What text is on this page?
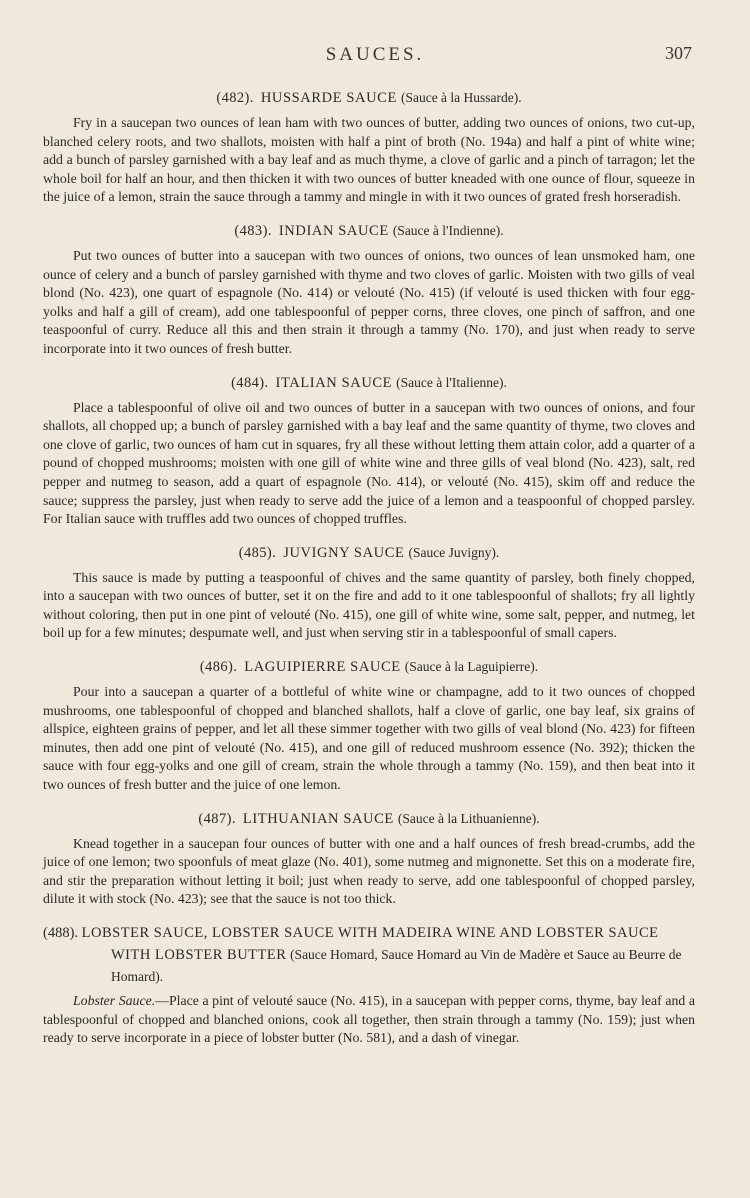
SAUCES.	307

(482). HUSSARDE SAUCE (Sauce à la Hussarde).

Fry in a saucepan two ounces of lean ham with two ounces of butter, adding two ounces of onions, two cut-up, blanched celery roots, and two shallots, moisten with half a pint of broth (No. 194a) and half a pint of white wine; add a bunch of parsley garnished with a bay leaf and as much thyme, a clove of garlic and a pinch of tarragon; let the whole boil for half an hour, and then thicken it with two ounces of butter kneaded with one ounce of flour, squeeze in the juice of a lemon, strain the sauce through a tammy and mingle in with it two ounces of grated fresh horseradish.

(483). INDIAN SAUCE (Sauce à l'Indienne).

Put two ounces of butter into a saucepan with two ounces of onions, two ounces of lean unsmoked ham, one ounce of celery and a bunch of parsley garnished with thyme and two cloves of garlic. Moisten with two gills of veal blond (No. 423), one quart of espagnole (No. 414) or velouté (No. 415) (if velouté is used thicken with four egg-yolks and half a gill of cream), add one tablespoonful of pepper corns, three cloves, one pinch of saffron, and one teaspoonful of curry. Reduce all this and then strain it through a tammy (No. 170), and just when ready to serve incorporate into it two ounces of fresh butter.

(484). ITALIAN SAUCE (Sauce à l'Italienne).

Place a tablespoonful of olive oil and two ounces of butter in a saucepan with two ounces of onions, and four shallots, all chopped up; a bunch of parsley garnished with a bay leaf and the same quantity of thyme, two cloves and one clove of garlic, two ounces of ham cut in squares, fry all these without letting them attain color, add a quarter of a pound of chopped mushrooms; moisten with one gill of white wine and three gills of veal blond (No. 423), salt, red pepper and nutmeg to season, add a quart of espagnole (No. 414), or velouté (No. 415), skim off and reduce the sauce; suppress the parsley, just when ready to serve add the juice of a lemon and a teaspoonful of chopped parsley. For Italian sauce with truffles add two ounces of chopped truffles.

(485). JUVIGNY SAUCE (Sauce Juvigny).

This sauce is made by putting a teaspoonful of chives and the same quantity of parsley, both finely chopped, into a saucepan with two ounces of butter, set it on the fire and add to it one tablespoonful of shallots; fry all lightly without coloring, then put in one pint of velouté (No. 415), one gill of white wine, some salt, pepper, and nutmeg, let boil up for a few minutes; despumate well, and just when serving stir in a tablespoonful of small capers.

(486). LAGUIPIERRE SAUCE (Sauce à la Laguipierre).

Pour into a saucepan a quarter of a bottleful of white wine or champagne, add to it two ounces of chopped mushrooms, one tablespoonful of chopped and blanched shallots, half a clove of garlic, one bay leaf, six grains of allspice, eighteen grains of pepper, and let all these simmer together with two gills of veal blond (No. 423) for fifteen minutes, then add one pint of velouté (No. 415), and one gill of reduced mushroom essence (No. 392); thicken the sauce with four egg-yolks and one gill of cream, strain the whole through a tammy (No. 159), and then beat into it two ounces of fresh butter and the juice of one lemon.

(487). LITHUANIAN SAUCE (Sauce à la Lithuanienne).

Knead together in a saucepan four ounces of butter with one and a half ounces of fresh bread-crumbs, add the juice of one lemon; two spoonfuls of meat glaze (No. 401), some nutmeg and mignonette. Set this on a moderate fire, and stir the preparation without letting it boil; just when ready to serve, add one tablespoonful of chopped parsley, dilute it with stock (No. 423); see that the sauce is not too thick.

(488). LOBSTER SAUCE, LOBSTER SAUCE WITH MADEIRA WINE AND LOBSTER SAUCE WITH LOBSTER BUTTER (Sauce Homard, Sauce Homard au Vin de Madère et Sauce au Beurre de Homard).

Lobster Sauce.—Place a pint of velouté sauce (No. 415), in a saucepan with pepper corns, thyme, bay leaf and a tablespoonful of chopped and blanched onions, cook all together, then strain through a tammy (No. 159); just when ready to serve incorporate in a piece of lobster butter (No. 581), and a dash of vinegar.
